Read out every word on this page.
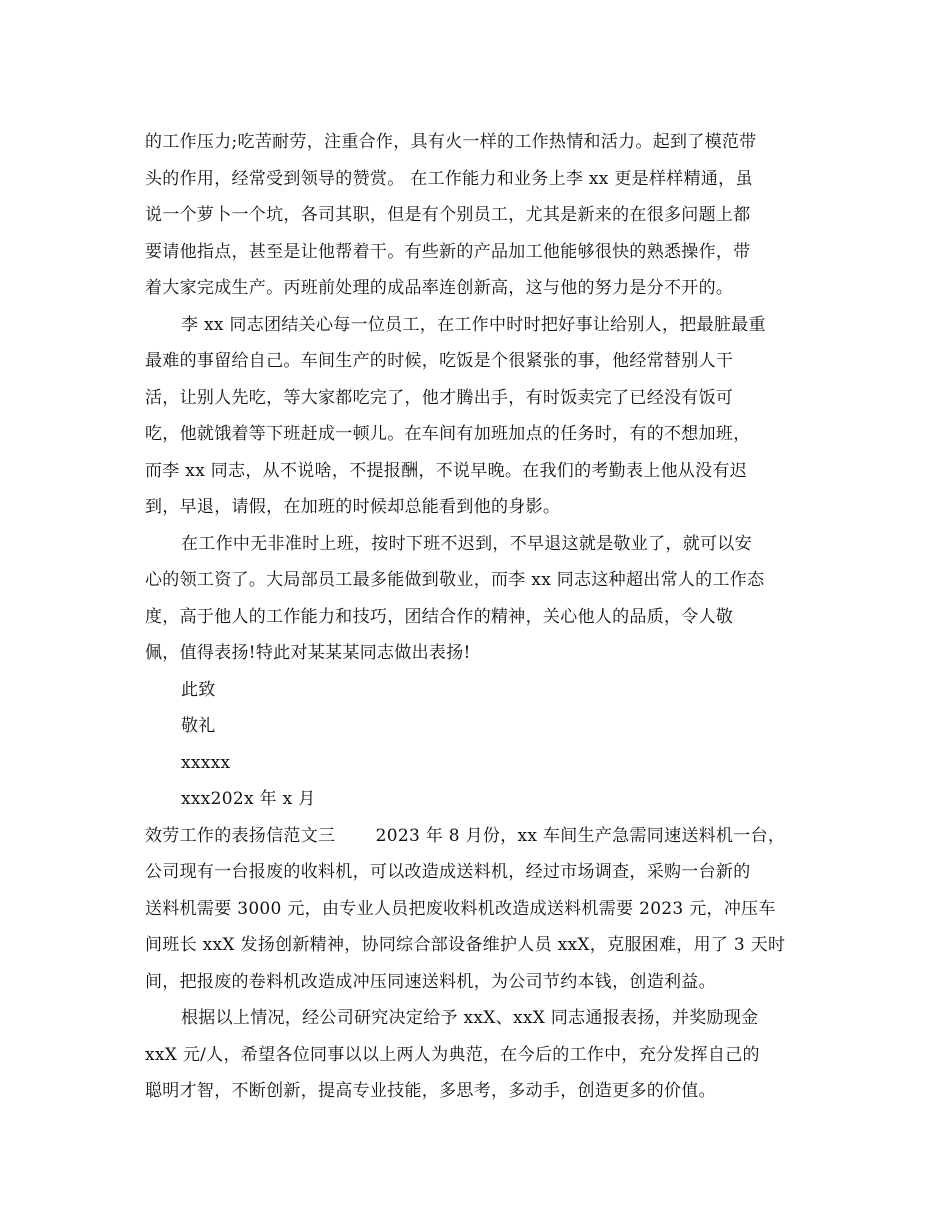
的工作压力;吃苦耐劳，注重合作，具有火一样的工作热情和活力。起到了模范带
头的作用，经常受到领导的赞赏。 在工作能力和业务上李 xx 更是样样精通，虽
说一个萝卜一个坑，各司其职，但是有个别员工，尤其是新来的在很多问题上都
要请他指点，甚至是让他帮着干。有些新的产品加工他能够很快的熟悉操作，带
着大家完成生产。丙班前处理的成品率连创新高，这与他的努力是分不开的。
李 xx 同志团结关心每一位员工，在工作中时时把好事让给别人，把最脏最重
最难的事留给自己。车间生产的时候，吃饭是个很紧张的事，他经常替别人干
活，让别人先吃，等大家都吃完了，他才腾出手，有时饭卖完了已经没有饭可
吃，他就饿着等下班赶成一顿儿。在车间有加班加点的任务时，有的不想加班，
而李 xx 同志，从不说啥，不提报酬，不说早晚。在我们的考勤表上他从没有迟
到，早退，请假，在加班的时候却总能看到他的身影。
在工作中无非准时上班，按时下班不迟到，不早退这就是敬业了，就可以安
心的领工资了。大局部员工最多能做到敬业，而李 xx 同志这种超出常人的工作态
度，高于他人的工作能力和技巧，团结合作的精神，关心他人的品质，令人敬
佩，值得表扬!特此对某某某同志做出表扬!
此致
敬礼
xxxxx
xxx202x 年 x 月
效劳工作的表扬信范文三　　 2023 年 8 月份，xx 车间生产急需同速送料机一台，
公司现有一台报废的收料机，可以改造成送料机，经过市场调查，采购一台新的
送料机需要 3000 元，由专业人员把废收料机改造成送料机需要 2023 元，冲压车
间班长 xxX 发扬创新精神，协同综合部设备维护人员 xxX，克服困难，用了 3 天时
间，把报废的卷料机改造成冲压同速送料机，为公司节约本钱，创造利益。
根据以上情况，经公司研究决定给予 xxX、xxX 同志通报表扬，并奖励现金
xxX 元/人，希望各位同事以以上两人为典范，在今后的工作中，充分发挥自己的
聪明才智，不断创新，提高专业技能，多思考，多动手，创造更多的价值。
